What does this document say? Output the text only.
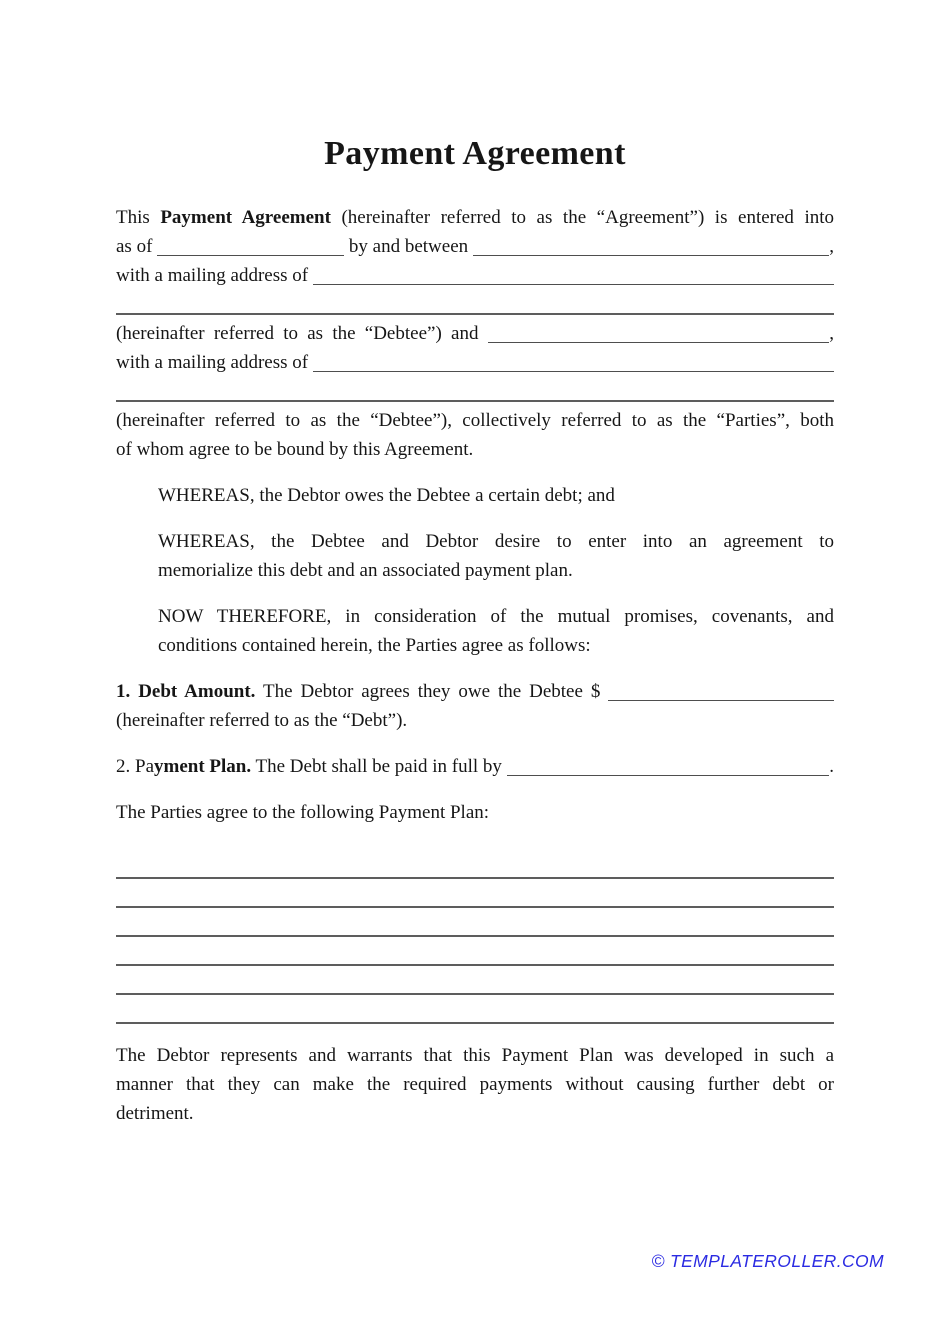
Payment Agreement
This Payment Agreement (hereinafter referred to as the “Agreement”) is entered into
as of	by and between	,
with a mailing address of
(hereinafter referred to as the “Debtee”) and	,
with a mailing address of
(hereinafter referred to as the “Debtee”), collectively referred to as the “Parties”, both
of whom agree to be bound by this Agreement.
WHEREAS, the Debtor owes the Debtee a certain debt; and
WHEREAS, the Debtee and Debtor desire to enter into an agreement to
memorialize this debt and an associated payment plan.
NOW THEREFORE, in consideration of the mutual promises, covenants, and
conditions contained herein, the Parties agree as follows:
1. Debt Amount. The Debtor agrees they owe the Debtee $
(hereinafter referred to as the “Debt”).
2. Pa yment Plan. The Debt shall be paid in full by	.
The Parties agree to the following Payment Plan:
The Debtor represents and warrants that this Payment Plan was developed in such a
manner that they can make the required payments without causing further debt or
detriment.
© TEMPLATEROLLER.COM
